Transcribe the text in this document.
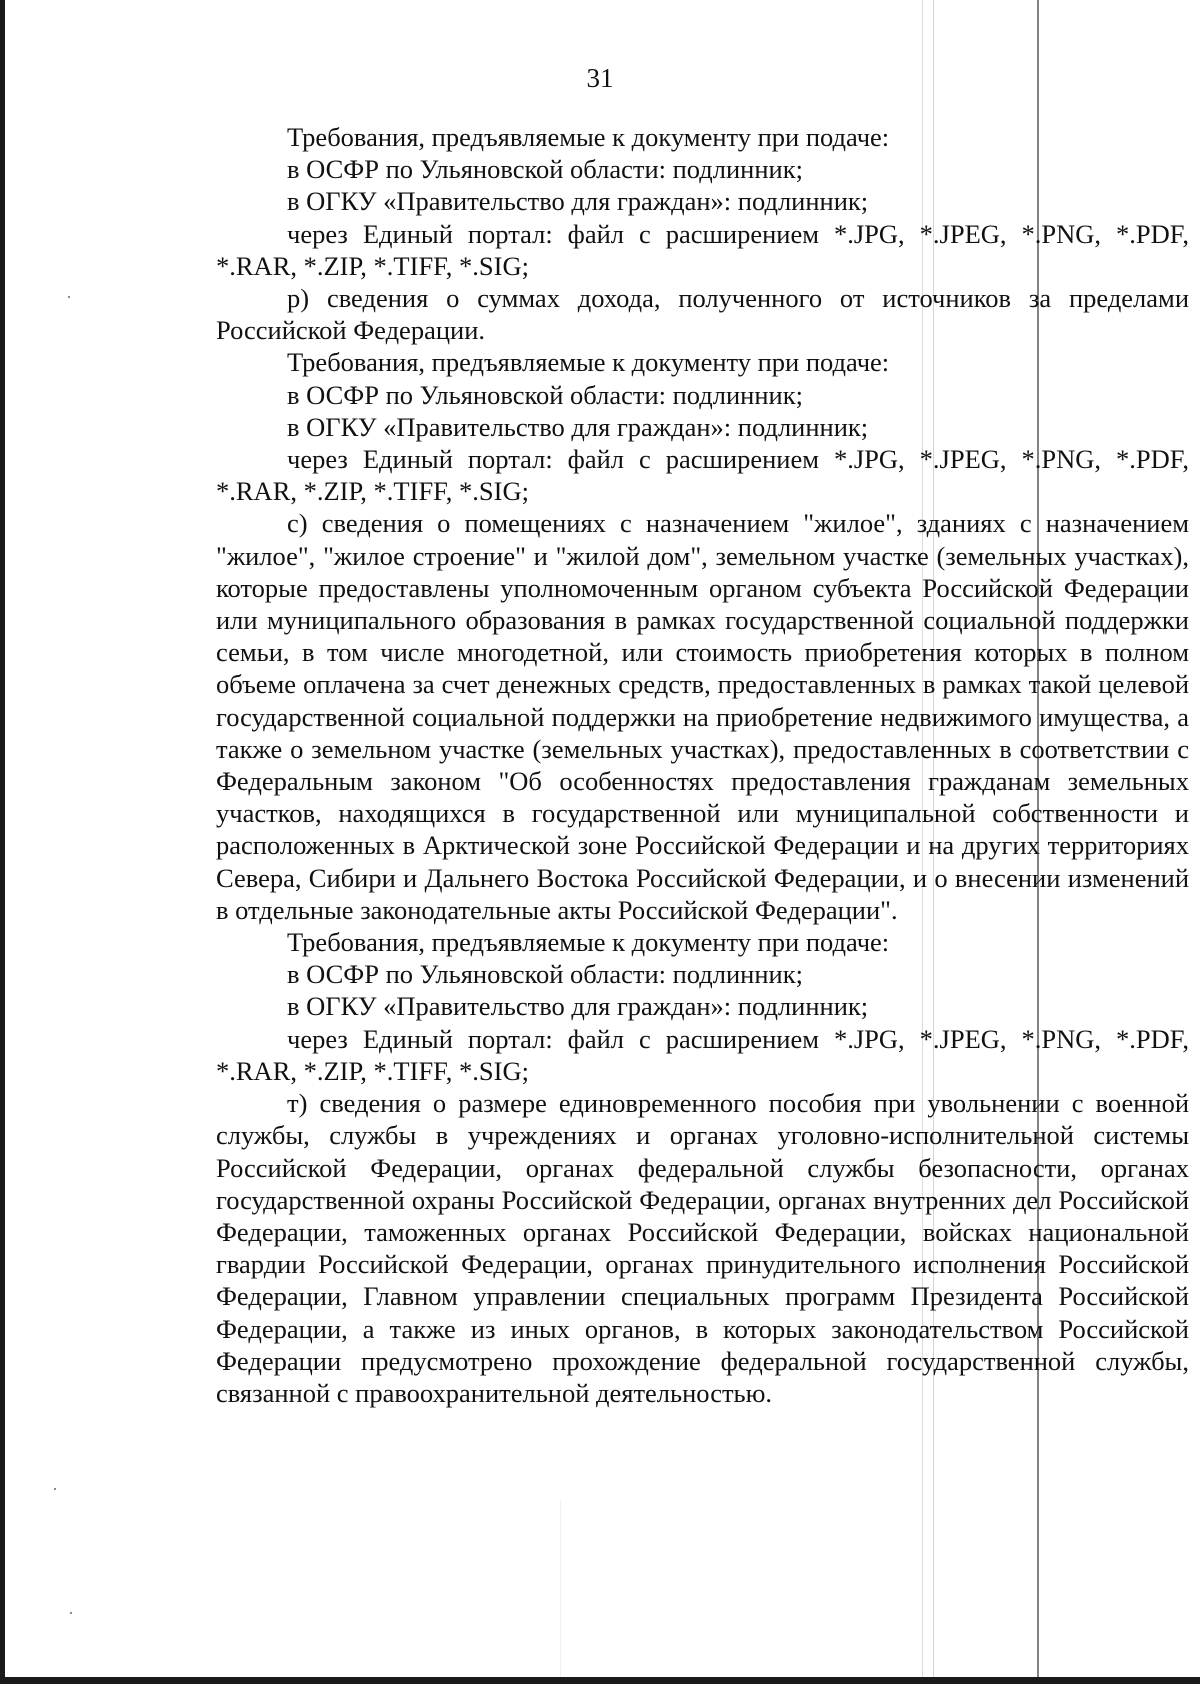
31

Требования, предъявляемые к документу при подаче:

в ОСФР по Ульяновской области: подлинник;

в ОГКУ «Правительство для граждан»: подлинник;

через Единый портал: файл с расширением *.JPG, *.JPEG, *.PNG, *.PDF, *.RAR, *.ZIP, *.TIFF, *.SIG;

р) сведения о суммах дохода, полученного от источников за пределами Российской Федерации.

Требования, предъявляемые к документу при подаче:

в ОСФР по Ульяновской области: подлинник;

в ОГКУ «Правительство для граждан»: подлинник;

через Единый портал: файл с расширением *.JPG, *.JPEG, *.PNG, *.PDF, *.RAR, *.ZIP, *.TIFF, *.SIG;

с) сведения о помещениях с назначением "жилое", зданиях с назначением "жилое", "жилое строение" и "жилой дом", земельном участке (земельных участках), которые предоставлены уполномоченным органом субъекта Российской Федерации или муниципального образования в рамках государственной социальной поддержки семьи, в том числе многодетной, или стоимость приобретения которых в полном объеме оплачена за счет денежных средств, предоставленных в рамках такой целевой государственной социальной поддержки на приобретение недвижимого имущества, а также о земельном участке (земельных участках), предоставленных в соответствии с Федеральным законом "Об особенностях предоставления гражданам земельных участков, находящихся в государственной или муниципальной собственности и расположенных в Арктической зоне Российской Федерации и на других территориях Севера, Сибири и Дальнего Востока Российской Федерации, и о внесении изменений в отдельные законодательные акты Российской Федерации".

Требования, предъявляемые к документу при подаче:

в ОСФР по Ульяновской области: подлинник;

в ОГКУ «Правительство для граждан»: подлинник;

через Единый портал: файл с расширением *.JPG, *.JPEG, *.PNG, *.PDF, *.RAR, *.ZIP, *.TIFF, *.SIG;

т) сведения о размере единовременного пособия при увольнении с военной службы, службы в учреждениях и органах уголовно-исполнительной системы Российской Федерации, органах федеральной службы безопасности, органах государственной охраны Российской Федерации, органах внутренних дел Российской Федерации, таможенных органах Российской Федерации, войсках национальной гвардии Российской Федерации, органах принудительного исполнения Российской Федерации, Главном управлении специальных программ Президента Российской Федерации, а также из иных органов, в которых законодательством Российской Федерации предусмотрено прохождение федеральной государственной службы, связанной с правоохранительной деятельностью.
